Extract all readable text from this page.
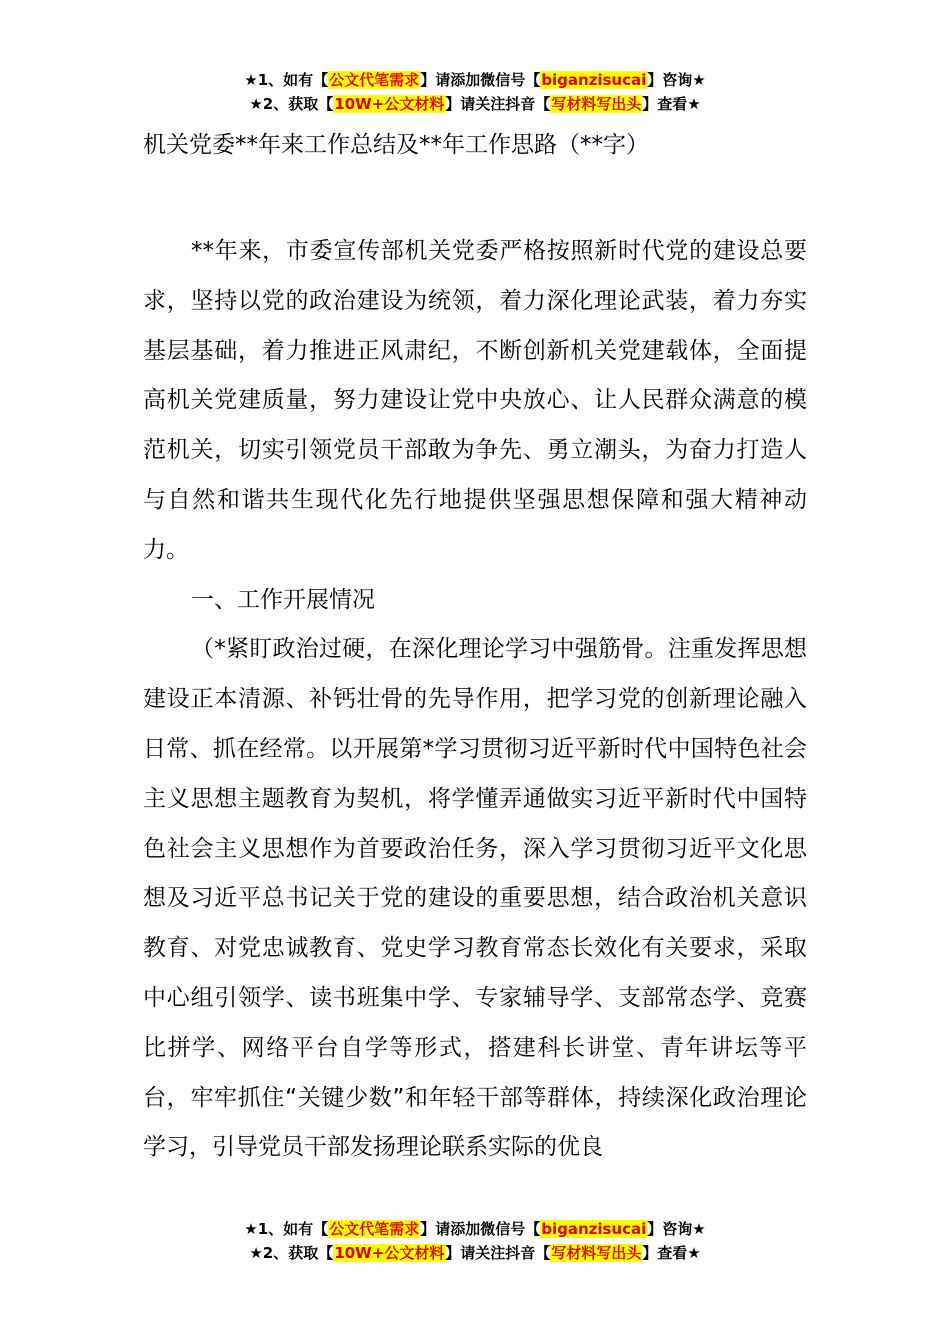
★1、如有【公文代笔需求】请添加微信号【biganzisucai】咨询★
★2、获取【10W+公文材料】请关注抖音【写材料写出头】查看★
机关党委**年来工作总结及**年工作思路（**字）

**年来，市委宣传部机关党委严格按照新时代党的建设总要求，坚持以党的政治建设为统领，着力深化理论武装，着力夯实基层基础，着力推进正风肃纪，不断创新机关党建载体，全面提高机关党建质量，努力建设让党中央放心、让人民群众满意的模范机关，切实引领党员干部敢为争先、勇立潮头，为奋力打造人与自然和谐共生现代化先行地提供坚强思想保障和强大精神动力。

一、工作开展情况

（*紧盯政治过硬，在深化理论学习中强筋骨。注重发挥思想建设正本清源、补钙壮骨的先导作用，把学习党的创新理论融入日常、抓在经常。以开展第*学习贯彻习近平新时代中国特色社会主义思想主题教育为契机，将学懂弄通做实习近平新时代中国特色社会主义思想作为首要政治任务，深入学习贯彻习近平文化思想及习近平总书记关于党的建设的重要思想，结合政治机关意识教育、对党忠诚教育、党史学习教育常态长效化有关要求，采取中心组引领学、读书班集中学、专家辅导学、支部常态学、竞赛比拼学、网络平台自学等形式，搭建科长讲堂、青年讲坛等平台，牢牢抓住“关键少数”和年轻干部等群体，持续深化政治理论学习，引导党员干部发扬理论联系实际的优良

★1、如有【公文代笔需求】请添加微信号【biganzisucai】咨询★
★2、获取【10W+公文材料】请关注抖音【写材料写出头】查看★
